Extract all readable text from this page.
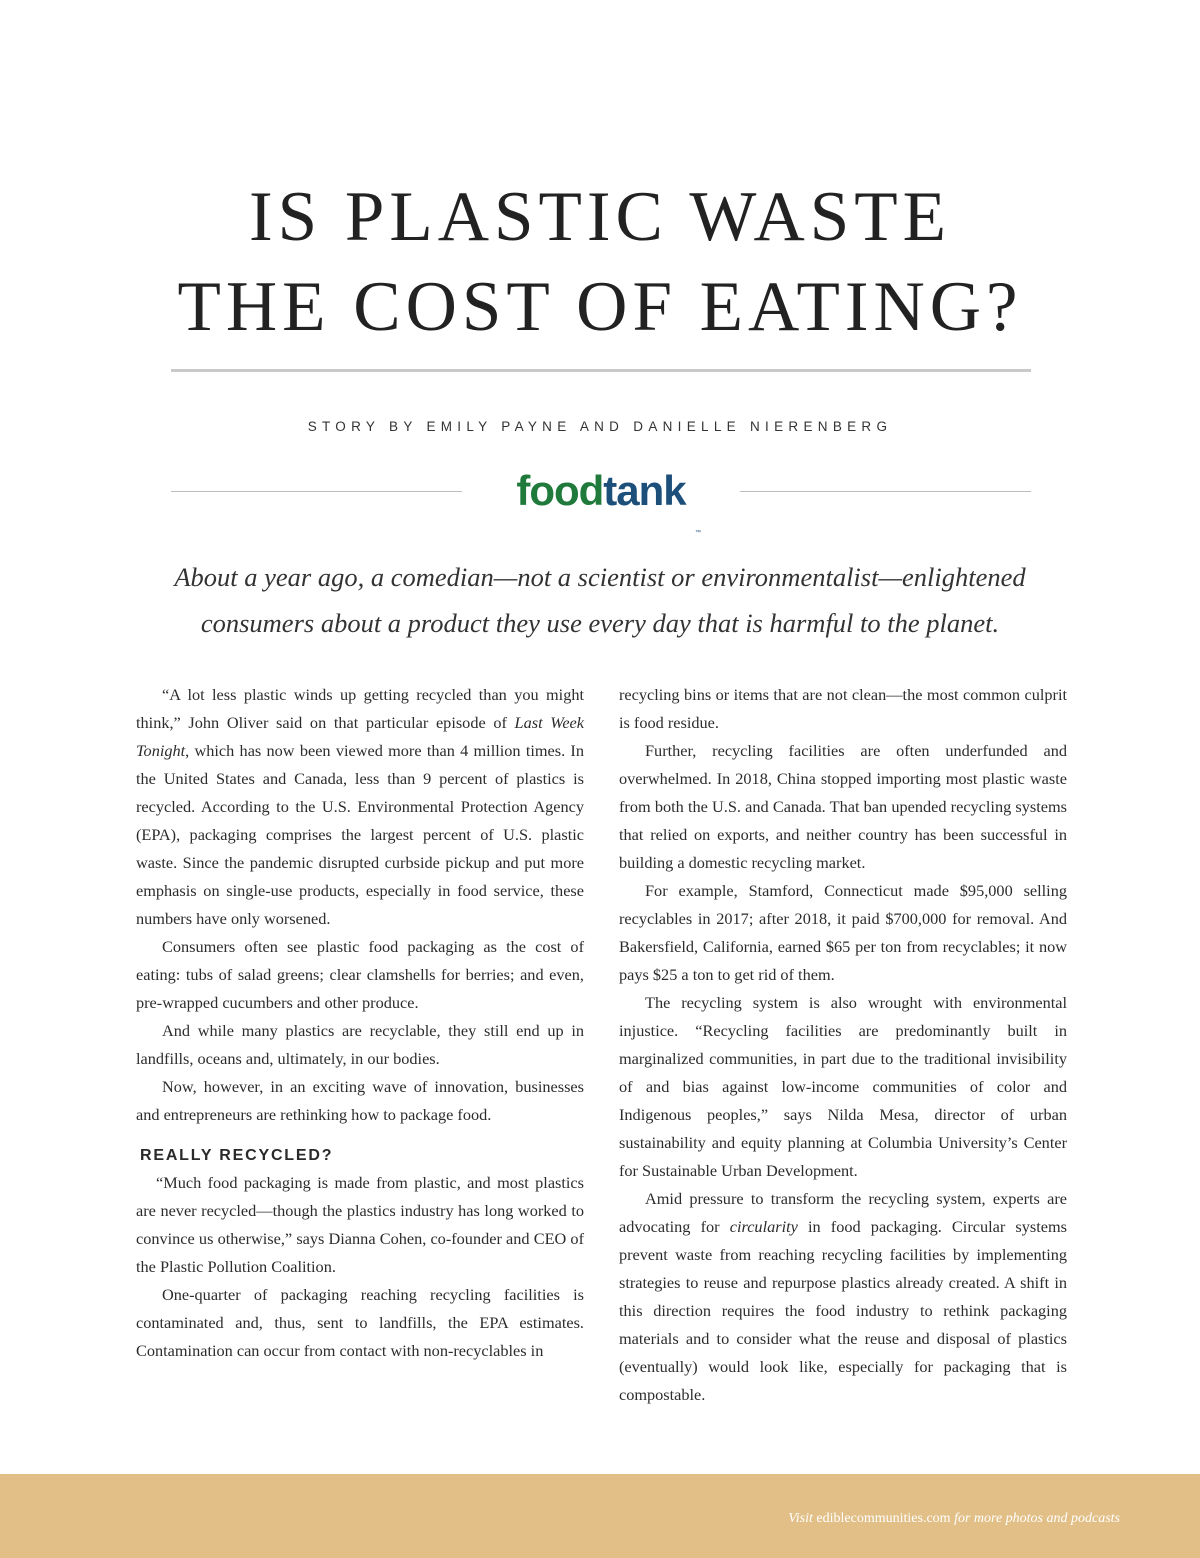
IS PLASTIC WASTE
THE COST OF EATING?
STORY BY EMILY PAYNE AND DANIELLE NIERENBERG
foodtank
™
About a year ago, a comedian—not a scientist or environmentalist—enlightened
consumers about a product they use every day that is harmful to the planet.

“A lot less plastic winds up getting recycled than you might think,” John Oliver said on that particular episode of Last Week Tonight, which has now been viewed more than 4 million times. In the United States and Canada, less than 9 percent of plastics is recycled. According to the U.S. Environmental Protection Agency (EPA), packaging comprises the largest percent of U.S. plastic waste. Since the pandemic disrupted curbside pickup and put more emphasis on single-use products, especially in food service, these numbers have only worsened.

Consumers often see plastic food packaging as the cost of eating: tubs of salad greens; clear clamshells for berries; and even, pre-wrapped cucumbers and other produce.

And while many plastics are recyclable, they still end up in landfills, oceans and, ultimately, in our bodies.

Now, however, in an exciting wave of innovation, businesses and entrepreneurs are rethinking how to package food.

REALLY RECYCLED?

“Much food packaging is made from plastic, and most plastics are never recycled—though the plastics industry has long worked to convince us otherwise,” says Dianna Cohen, co-founder and CEO of the Plastic Pollution Coalition.

One-quarter of packaging reaching recycling facilities is contaminated and, thus, sent to landfills, the EPA estimates. Contamination can occur from contact with non-recyclables in

recycling bins or items that are not clean—the most common culprit is food residue.

Further, recycling facilities are often underfunded and overwhelmed. In 2018, China stopped importing most plastic waste from both the U.S. and Canada. That ban upended recycling systems that relied on exports, and neither country has been successful in building a domestic recycling market.

For example, Stamford, Connecticut made $95,000 selling recyclables in 2017; after 2018, it paid $700,000 for removal. And Bakersfield, California, earned $65 per ton from recyclables; it now pays $25 a ton to get rid of them.

The recycling system is also wrought with environmental injustice. “Recycling facilities are predominantly built in marginalized communities, in part due to the traditional invisibility of and bias against low-income communities of color and Indigenous peoples,” says Nilda Mesa, director of urban sustainability and equity planning at Columbia University’s Center for Sustainable Urban Development.

Amid pressure to transform the recycling system, experts are advocating for circularity in food packaging. Circular systems prevent waste from reaching recycling facilities by implementing strategies to reuse and repurpose plastics already created. A shift in this direction requires the food industry to rethink packaging materials and to consider what the reuse and disposal of plastics (eventually) would look like, especially for packaging that is compostable.

Visit ediblecommunities.com for more photos and podcasts
